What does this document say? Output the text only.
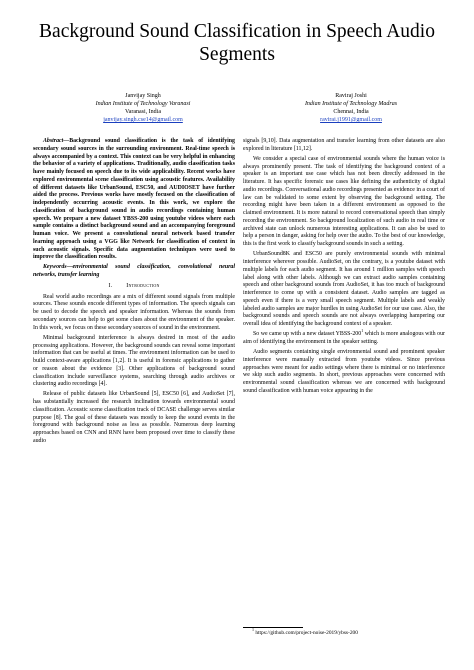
Background Sound Classification in Speech Audio
Segments
Janvijay Singh
Indian Institute of Technology Varanasi
Varanasi, India
janvijay.singh.cse14@gmail.com
Raviraj Joshi
Indian Institute of Technology Madras
Chennai, India
ravirai.j1991@gmail.com

Abstract—Background sound classification is the task of identifying secondary sound sources in the surrounding environment. Real-time speech is always accompanied by a context. This context can be very helpful in enhancing the behavior of a variety of applications. Traditionally, audio classification tasks have mainly focused on speech due to its wide applicability. Recent works have explored environmental scene classification using acoustic features. Availability of different datasets like UrbanSound, ESC50, and AUDIOSET have further aided the process. Previous works have mostly focused on the classification of independently occurring acoustic events. In this work, we explore the classification of background sound in audio recordings containing human speech. We prepare a new dataset YBSS-200 using youtube videos where each sample contains a distinct background sound and an accompanying foreground human voice. We present a convolutional neural network based transfer learning approach using a VGG like Network for classification of context in such acoustic signals. Specific data augmentation techniques were used to improve the classification results.

Keywords—environmental sound classification, convolutional neural networks, transfer learning

I. Introduction

Real world audio recordings are a mix of different sound signals from multiple sources. These sounds encode different types of information. The speech signals can be used to decode the speech and speaker information. Whereas the sounds from secondary sources can help to get some clues about the environment of the speaker. In this work, we focus on these secondary sources of sound in the environment.

Minimal background interference is always desired in most of the audio processing applications. However, the background sounds can reveal some important information that can be useful at times. The environment information can be used to build context-aware applications [1,2]. It is useful in forensic applications to gather or reason about the evidence [3]. Other applications of background sound classification include surveillance systems, searching through audio archives or clustering audio recordings [4].

Release of public datasets like UrbanSound [5], ESC50 [6], and AudioSet [7], has substantially increased the research inclination towards environmental sound classification. Acoustic scene classification track of DCASE challenge serves similar purpose [8]. The goal of these datasets was mostly to keep the sound events in the foreground with background noise as less as possible. Numerous deep learning approaches based on CNN and RNN have been proposed over time to classify these audio

signals [9,10]. Data augmentation and transfer learning from other datasets are also explored in literature [11,12].

We consider a special case of environmental sounds where the human voice is always prominently present. The task of identifying the background context of a speaker is an important use case which has not been directly addressed in the literature. It has specific forensic use cases like defining the authenticity of digital audio recordings. Conversational audio recordings presented as evidence in a court of law can be validated to some extent by observing the background setting. The recording might have been taken in a different environment as opposed to the claimed environment. It is more natural to record conversational speech than simply recording the environment. So background localization of such audio in real time or archived state can unlock numerous interesting applications. It can also be used to help a person in danger, asking for help over the audio. To the best of our knowledge, this is the first work to classify background sounds in such a setting.

UrbanSound8K and ESC50 are purely environmental sounds with minimal interference wherever possible. AudioSet, on the contrary, is a youtube dataset with multiple labels for each audio segment. It has around 1 million samples with speech label along with other labels. Although we can extract audio samples containing speech and other background sounds from AudioSet, it has too much of background interference to come up with a consistent dataset. Audio samples are tagged as speech even if there is a very small speech segment. Multiple labels and weakly labeled audio samples are major hurdles in using AudioSet for our use case. Also, the background sounds and speech sounds are not always overlapping hampering our overall idea of identifying the background context of a speaker.

So we came up with a new dataset YBSS-$200^1$ which is more analogous with our aim of identifying the environment in the speaker setting.

Audio segments containing single environmental sound and prominent speaker interference were manually extracted from youtube videos. Since previous approaches were meant for audio settings where there is minimal or no interference we skip such audio segments. In short, previous approaches were concerned with environmental sound classification whereas we are concerned with background sound classification with human voice appearing in the

$^1$ https://github.com/project-noise-2019/ybss-200
